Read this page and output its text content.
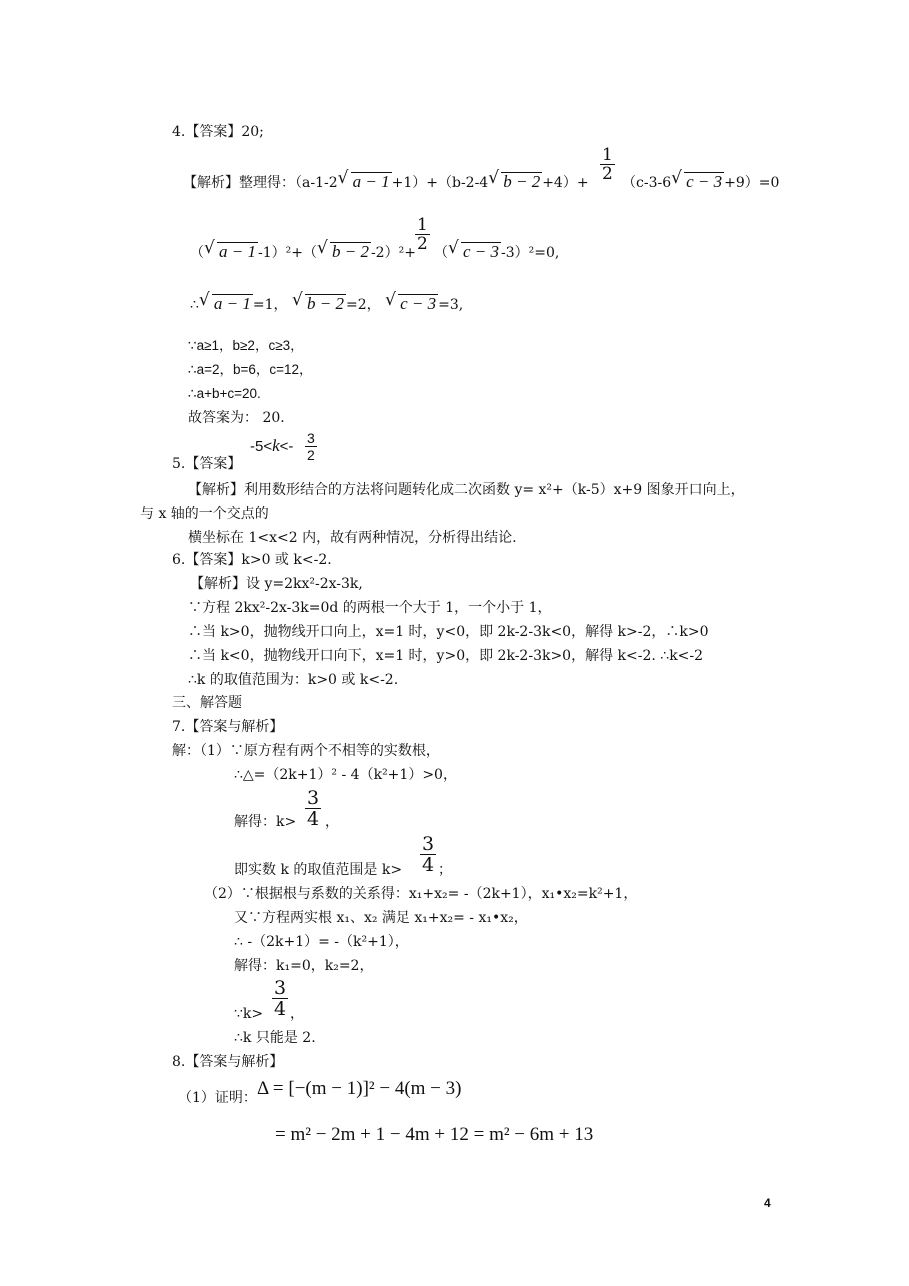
4.【答案】20;
【解析】整理得：（a-1-2√ a − 1 +1）+（b-2-4√ $b - 2 +4)+ \frac{1}{2} (c-3-6√$ c − 3 +9）=0
（√ a − 1 -1）²+（√ b − 2 $-2)^2+ \frac{1}{2}$ （√ c − 3 -3）²=0,
∴√ a − 1 =1， √ b − 2 =2， √ c − 3 =3,
∵a≥1，b≥2，c≥3，
∴a=2，b=6，c=12，
∴a+b+c=20.
故答案为： 20.
5.【答案】
$-5<k<- \frac{3}{2}$
【解析】利用数形结合的方法将问题转化成二次函数 y= x²+（k-5）x+9 图象开口向上，
与 x 轴的一个交点的
横坐标在 1<x<2 内，故有两种情况，分析得出结论.
6.【答案】k>0 或 k<-2.
【解析】设 y=2kx²-2x-3k,
∵方程 2kx²-2x-3k=0d 的两根一个大于 1，一个小于 1，
∴当 k>0，抛物线开口向上，x=1 时，y<0，即 2k-2-3k<0，解得 k>-2，∴k>0
∴当 k<0，抛物线开口向下，x=1 时，y>0，即 2k-2-3k>0，解得 k<-2. ∴k<-2
∴k 的取值范围为：k>0 或 k<-2.
三、解答题
7.【答案与解析】
解：（1）∵原方程有两个不相等的实数根，
∴△=（2k+1）² - 4（k²+1）>0，
解得：$k> \frac{3}{4}$ ，
即实数 k 的取值范围是 $k> \frac{3}{4}$ ；
（2）∵根据根与系数的关系得：x₁+x₂= -（2k+1），x₁•x₂=k²+1，
又∵方程两实根 x₁、x₂ 满足 x₁+x₂= - x₁•x₂，
∴ -（2k+1）= -（k²+1），
解得：k₁=0，k₂=2，
∵k> $\frac{3}{4}$ ，
∴k 只能是 2.
8.【答案与解析】
（1）证明： Δ = [−(m − 1)]² − 4(m − 3)
= m² − 2m + 1 − 4m + 12 = m² − 6m + 13
4
